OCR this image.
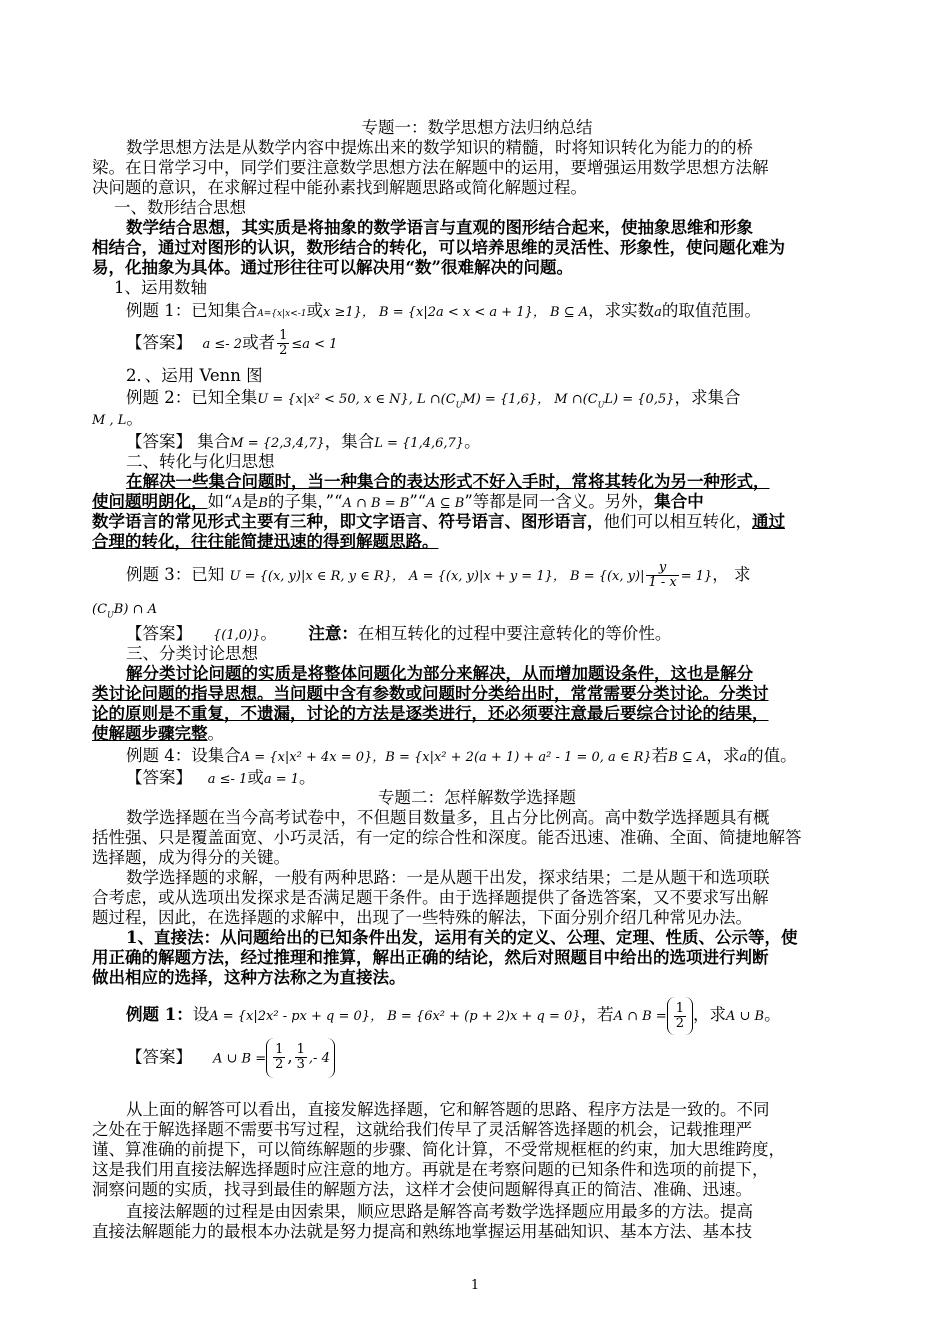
专题一：数学思想方法归纳总结
数学思想方法是从数学内容中提炼出来的数学知识的精髓，时将知识转化为能力的的桥
梁。在日常学习中，同学们要注意数学思想方法在解题中的运用，要增强运用数学思想方法解
决问题的意识，在求解过程中能孙素找到解题思路或简化解题过程。
一、数形结合思想
数学结合思想，其实质是将抽象的数学语言与直观的图形结合起来，使抽象思维和形象
相结合，通过对图形的认识，数形结合的转化，可以培养思维的灵活性、形象性，使问题化难为
易，化抽象为具体。通过形往往可以解决用“数”很难解决的问题。
1、运用数轴
例题 1：已知集合A={x|x<-1或x ≥1}， B = {x|2a < x < a + 1}， B ⊆ A，求实数a的取值范围。
【答案】 a ≤- 2或者 $\frac{1}{2} \le a < 1$
2．、运用 Venn 图
例题 2：已知全集U = {x|x² < 50, x ∈ N}, L $\cap(C_UM) = \{1,6\}$， M $\cap(C_UL) = \{0,5\}$，求集合
M , L。
【答案】 集合M = {2,3,4,7}，集合L = {1,4,6,7}。
二、转化与化归思想
在解决一些集合问题时，当一种集合的表达形式不好入手时，常将其转化为另一种形式，
使问题明朗化，如“A是B的子集，”“A ∩ B = B”“A ⊆ B”等都是同一含义。另外，集合中
数学语言的常见形式主要有三种，即文字语言、符号语言、图形语言，他们可以相互转化，通过
合理的转化，往往能简捷迅速的得到解题思路。
例题 3：已知 U = {(x, y)|x ∈ R, y ∈ R}， A = {(x, y)|x + y = 1}， B = {(x, $y)| \frac{y}{1 - x} = 1$}， 求
$(C_UB)$ ∩ A
【答案】 {(1,0)}。 注意：在相互转化的过程中要注意转化的等价性。
三、分类讨论思想
解分类讨论问题的实质是将整体问题化为部分来解决，从而增加题设条件，这也是解分
类讨论问题的指导思想。当问题中含有参数或问题时分类给出时，常常需要分类讨论。分类讨
论的原则是不重复，不遗漏，讨论的方法是逐类进行，还必须要注意最后要综合讨论的结果，
使解题步骤完整。
例题 4：设集合A = {x|x² + 4x = 0}，B = {x|x² + 2(a + 1) + a² - 1 = 0, a ∈ R}若B ⊆ A，求a的值。
【答案】 a ≤- 1或a = 1。
专题二：怎样解数学选择题
数学选择题在当今高考试卷中，不但题目数量多，且占分比例高。高中数学选择题具有概
括性强、只是覆盖面宽、小巧灵活，有一定的综合性和深度。能否迅速、准确、全面、简捷地解答
选择题，成为得分的关键。
数学选择题的求解，一般有两种思路：一是从题干出发，探求结果；二是从题干和选项联
合考虑，或从选项出发探求是否满足题干条件。由于选择题提供了备选答案，又不要求写出解
题过程，因此，在选择题的求解中，出现了一些特殊的解法，下面分别介绍几种常见办法。
1、直接法：从问题给出的已知条件出发，运用有关的定义、公理、定理、性质、公示等，使
用正确的解题方法，经过推理和推算，解出正确的结论，然后对照题目中给出的选项进行判断
做出相应的选择，这种方法称之为直接法。
例题 1：设A = {x|2x² - px + q = 0}， B = {6x² + (p + 2)x + q = 0}，若A ∩ $B = \frac{1}{2}$ ，求A ∪ B。
【答案】 A ∪ $B = \frac{1}{2}$ , $\frac{1}{3}$ ,- 4
从上面的解答可以看出，直接发解选择题，它和解答题的思路、程序方法是一致的。不同
之处在于解选择题不需要书写过程，这就给我们传早了灵活解答选择题的机会，记载推理严
谨、算准确的前提下，可以简练解题的步骤、简化计算，不受常规框框的约束，加大思维跨度，
这是我们用直接法解选择题时应注意的地方。再就是在考察问题的已知条件和选项的前提下，
洞察问题的实质，找寻到最佳的解题方法，这样才会使问题解得真正的简洁、准确、迅速。
直接法解题的过程是由因索果，顺应思路是解答高考数学选择题应用最多的方法。提高
直接法解题能力的最根本办法就是努力提高和熟练地掌握运用基础知识、基本方法、基本技
1
